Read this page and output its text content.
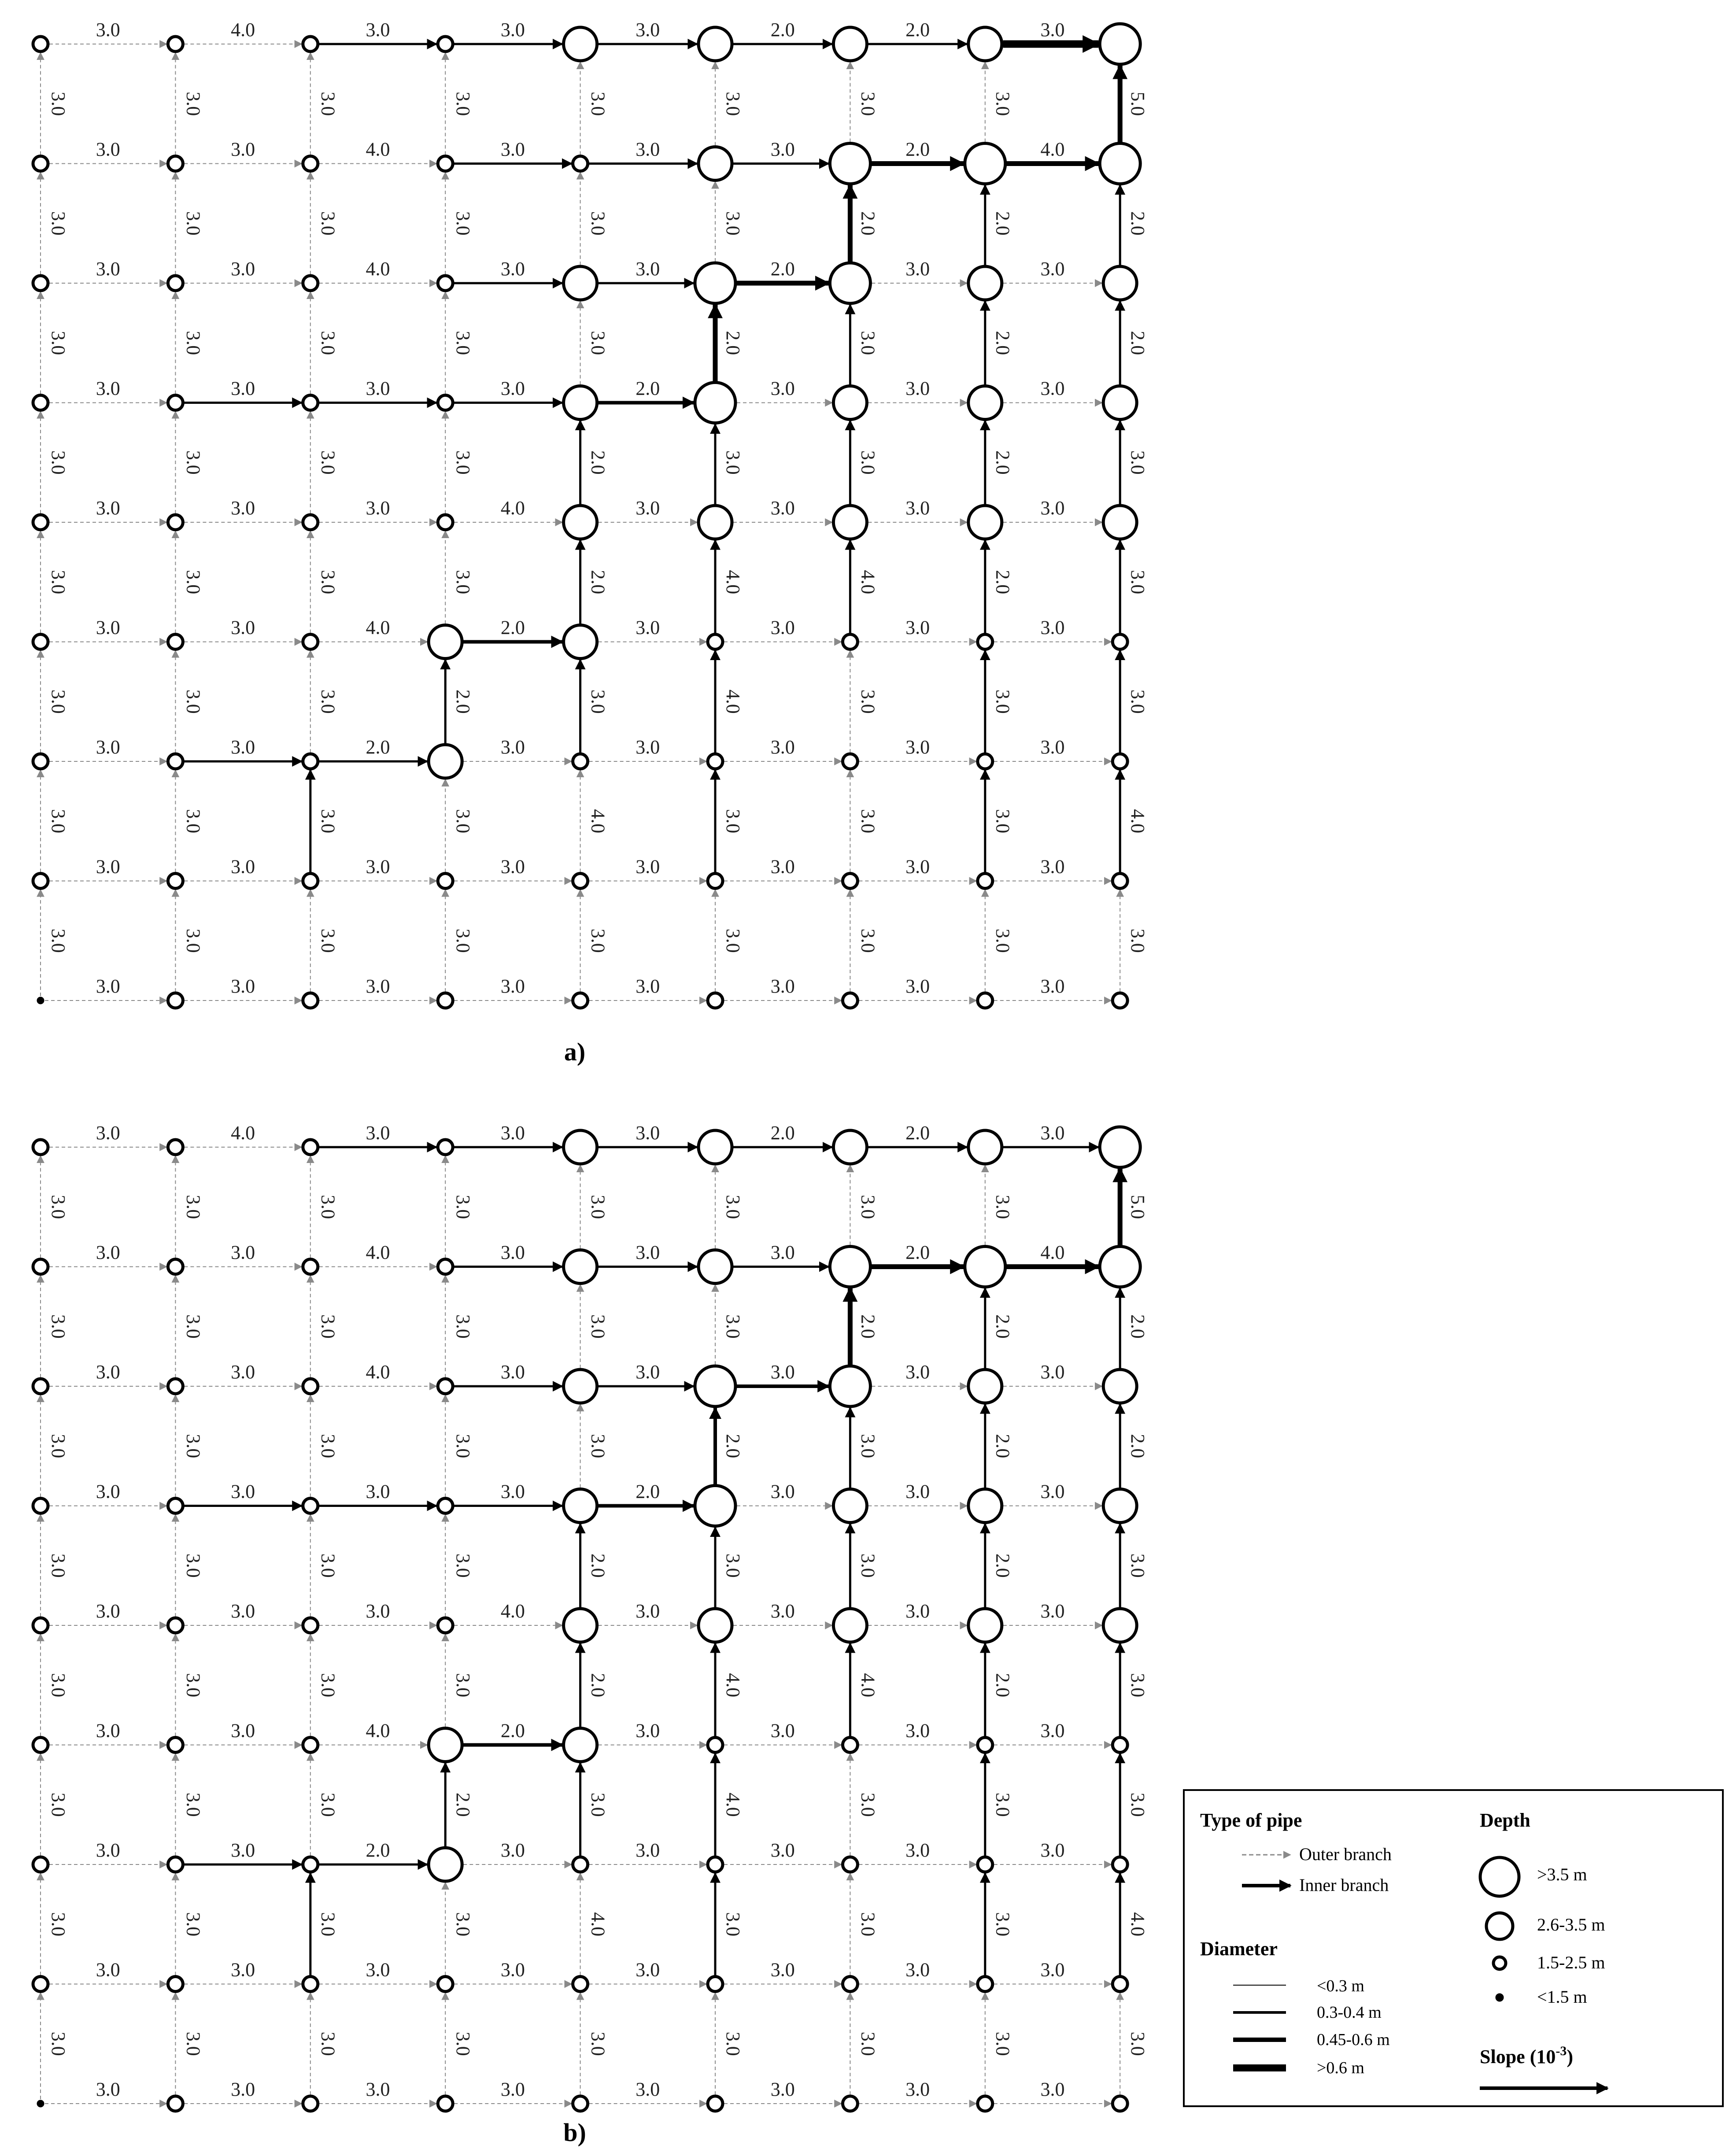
3.0	4.0	3.0	3.0	3.0	2.0	2.0	3.0
3.0	3.0	4.0	3.0	3.0	3.0	2.0	4.0
3.0	3.0	4.0	3.0	3.0	2.0	3.0	3.0
3.0	3.0	3.0	3.0	2.0	3.0	3.0	3.0
3.0	3.0	3.0	4.0	3.0	3.0	3.0	3.0
3.0	3.0	4.0	2.0	3.0	3.0	3.0	3.0
3.0	3.0	2.0	3.0	3.0	3.0	3.0	3.0
3.0	3.0	3.0	3.0	3.0	3.0	3.0	3.0
3.0	3.0	3.0	3.0	3.0	3.0	3.0	3.0
3.0	3.0	3.0	3.0	3.0	3.0	3.0	3.0	5.0
3.0	3.0	3.0	3.0	3.0	3.0	2.0	2.0	2.0
3.0	3.0	3.0	3.0	3.0	2.0	3.0	2.0	2.0
3.0	3.0	3.0	3.0	2.0	3.0	3.0	2.0	3.0
3.0	3.0	3.0	3.0	2.0	4.0	4.0	2.0	3.0
3.0	3.0	3.0	2.0	3.0	4.0	3.0	3.0	3.0
3.0	3.0	3.0	3.0	4.0	3.0	3.0	3.0	4.0
3.0	3.0	3.0	3.0	3.0	3.0	3.0	3.0	3.0
a)
3.0	4.0	3.0	3.0	3.0	2.0	2.0	3.0
3.0	3.0	4.0	3.0	3.0	3.0	2.0	4.0
3.0	3.0	4.0	3.0	3.0	3.0	3.0	3.0
3.0	3.0	3.0	3.0	2.0	3.0	3.0	3.0
3.0	3.0	3.0	4.0	3.0	3.0	3.0	3.0
3.0	3.0	4.0	2.0	3.0	3.0	3.0	3.0
3.0	3.0	2.0	3.0	3.0	3.0	3.0	3.0
3.0	3.0	3.0	3.0	3.0	3.0	3.0	3.0
3.0	3.0	3.0	3.0	3.0	3.0	3.0	3.0
3.0	3.0	3.0	3.0	3.0	3.0	3.0	3.0	5.0
3.0	3.0	3.0	3.0	3.0	3.0	2.0	2.0	2.0
3.0	3.0	3.0	3.0	3.0	2.0	3.0	2.0	2.0
3.0	3.0	3.0	3.0	2.0	3.0	3.0	2.0	3.0
3.0	3.0	3.0	3.0	2.0	4.0	4.0	2.0	3.0
3.0	3.0	3.0	2.0	3.0	4.0	3.0	3.0	3.0
3.0	3.0	3.0	3.0	4.0	3.0	3.0	3.0	4.0
3.0	3.0	3.0	3.0	3.0	3.0	3.0	3.0	3.0
b)
Type of pipe
Outer branch
Inner branch
Diameter
<0.3 m
0.3-0.4 m
0.45-0.6 m
>0.6 m
Depth
>3.5 m
2.6-3.5 m
1.5-2.5 m
<1.5 m
Slope $(10^{-3})$
